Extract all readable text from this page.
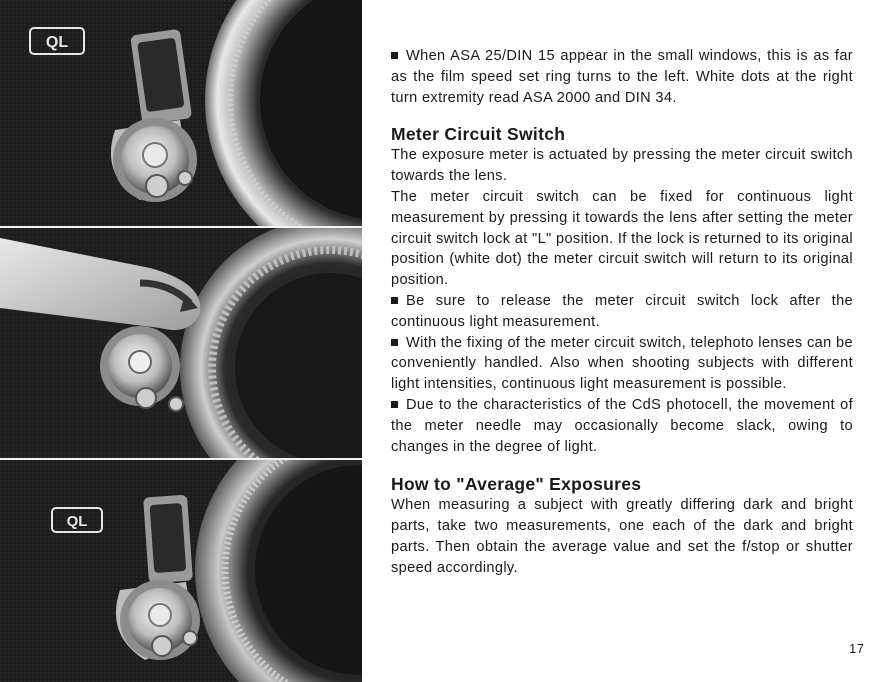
QL
QL

When ASA 25/DIN 15 appear in the small windows, this is as far as the film speed set ring turns to the left. White dots at the right turn extremity read ASA 2000 and DIN 34.

Meter Circuit Switch

The exposure meter is actuated by pressing the meter circuit switch towards the lens.

The meter circuit switch can be fixed for continuous light measurement by pressing it towards the lens after setting the meter circuit switch lock at "L" position. If the lock is returned to its original position (white dot) the meter circuit switch will return to its original position.

Be sure to release the meter circuit switch lock after the continuous light measurement.

With the fixing of the meter circuit switch, telephoto lenses can be conveniently handled. Also when shooting subjects with different light intensities, continuous light measurement is possible.

Due to the characteristics of the CdS photocell, the movement of the meter needle may occasionally become slack, owing to changes in the degree of light.

How to "Average" Exposures

When measuring a subject with greatly differing dark and bright parts, take two measurements, one each of the dark and bright parts. Then obtain the average value and set the f/stop or shutter speed accordingly.

17
